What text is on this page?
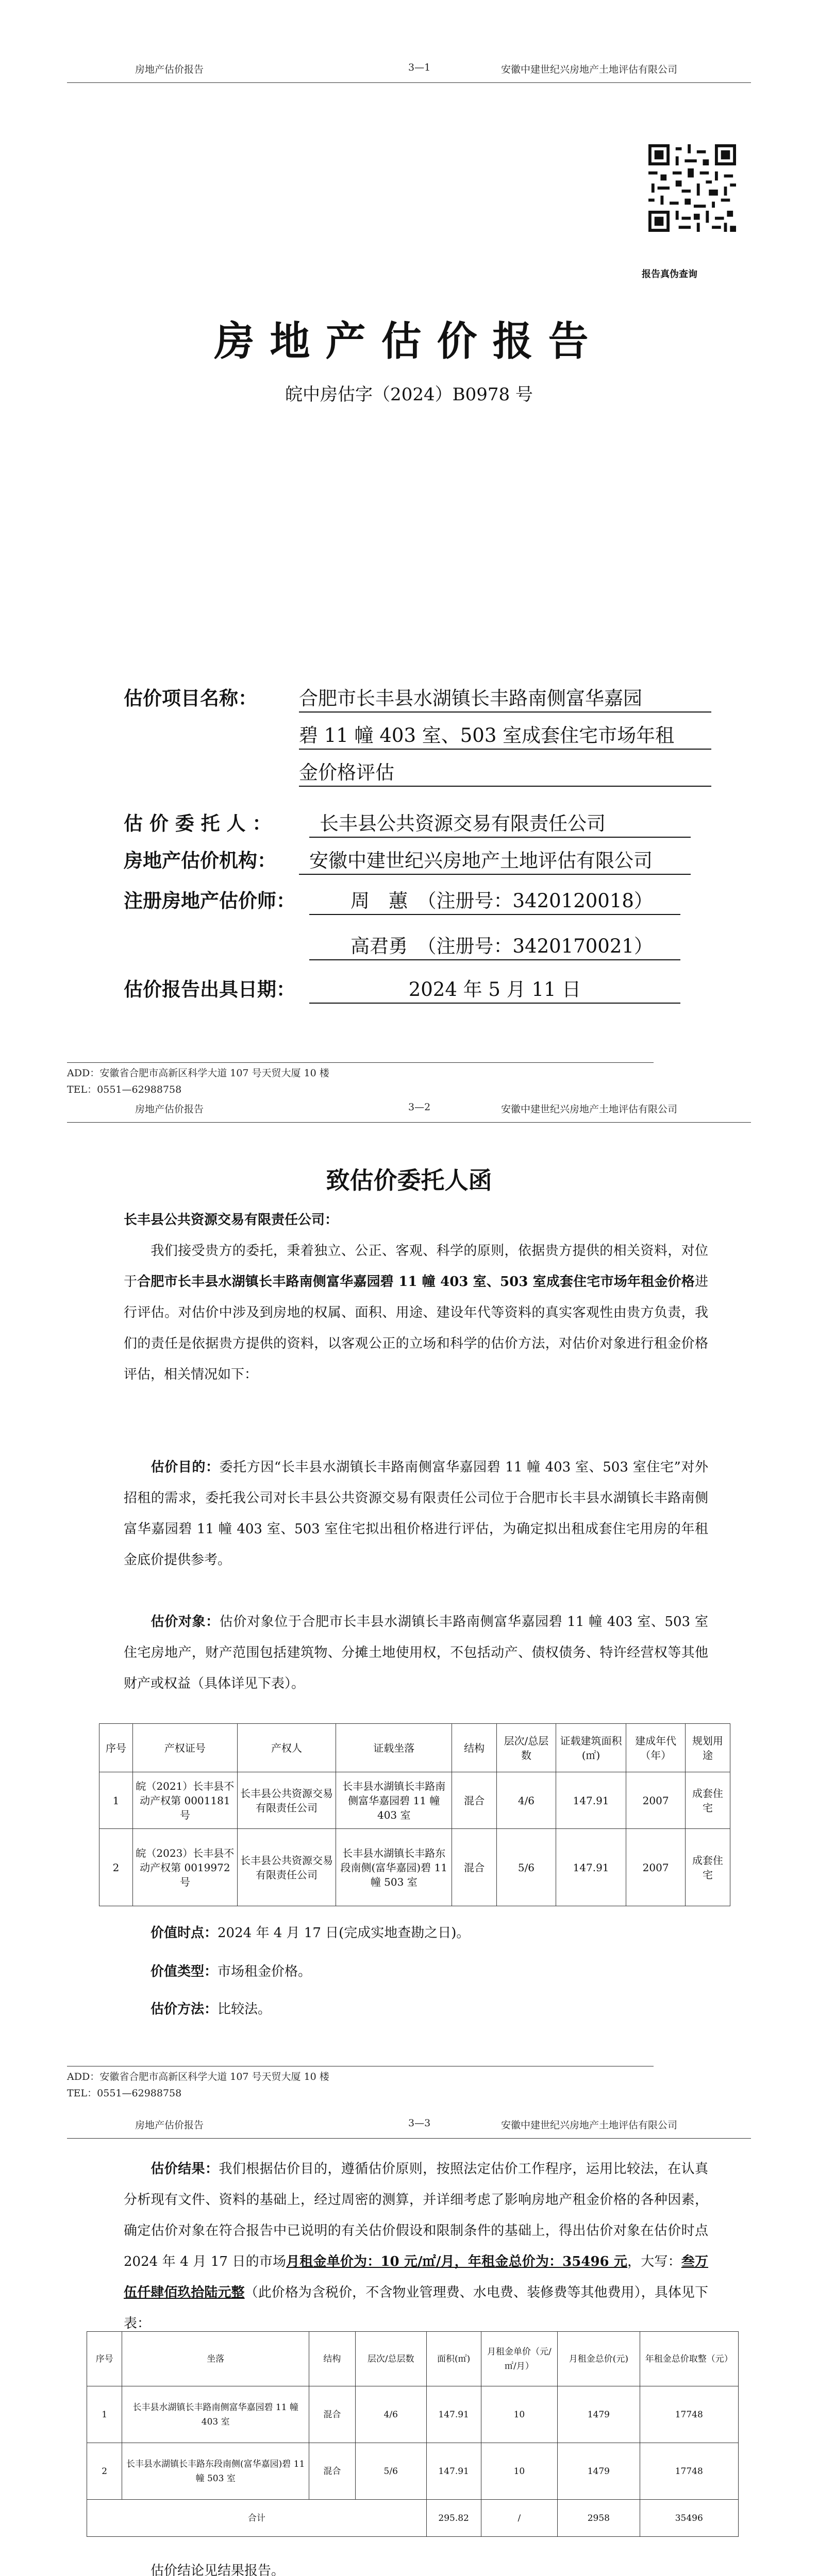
房地产估价报告	3—1	安徽中建世纪兴房地产土地评估有限公司
报告真伪查询
房地产估价报告
皖中房估字（2024）B0978 号
估价项目名称： 合肥市长丰县水湖镇长丰路南侧富华嘉园
碧 11 幢 403 室、503 室成套住宅市场年租
金价格评估
估 价 委 托 人 ：	长丰县公共资源交易有限责任公司
房地产估价机构：	安徽中建世纪兴房地产土地评估有限公司
注册房地产估价师：	周　蕙　（注册号：3420120018）
高君勇　（注册号：3420170021）
估价报告出具日期：	2024 年 5 月 11 日
ADD：安徽省合肥市高新区科学大道 107 号天贸大厦 10 楼
TEL：0551—62988758
房地产估价报告	3—2	安徽中建世纪兴房地产土地评估有限公司
致估价委托人函
长丰县公共资源交易有限责任公司：
我们接受贵方的委托，秉着独立、公正、客观、科学的原则，依据贵方提供的相关资料，对位于合肥市长丰县水湖镇长丰路南侧富华嘉园碧 11 幢 403 室、503 室成套住宅市场年租金价格进行评估。对估价中涉及到房地的权属、面积、用途、建设年代等资料的真实客观性由贵方负责，我们的责任是依据贵方提供的资料，以客观公正的立场和科学的估价方法，对估价对象进行租金价格评估，相关情况如下：
估价目的：委托方因“长丰县水湖镇长丰路南侧富华嘉园碧 11 幢 403 室、503 室住宅”对外招租的需求，委托我公司对长丰县公共资源交易有限责任公司位于合肥市长丰县水湖镇长丰路南侧富华嘉园碧 11 幢 403 室、503 室住宅拟出租价格进行评估，为确定拟出租成套住宅用房的年租金底价提供参考。
估价对象：估价对象位于合肥市长丰县水湖镇长丰路南侧富华嘉园碧 11 幢 403 室、503 室住宅房地产，财产范围包括建筑物、分摊土地使用权，不包括动产、债权债务、特许经营权等其他财产或权益（具体详见下表）。
序号	产权证号	产权人	证载坐落	结构	层次/总层数	证载建筑面积(㎡)	建成年代（年）	规划用途
1	皖（2021）长丰县不动产权第 0001181 号	长丰县公共资源交易有限责任公司	长丰县水湖镇长丰路南侧富华嘉园碧 11 幢 403 室	混合	4/6	147.91	2007	成套住宅
2	皖（2023）长丰县不动产权第 0019972 号	长丰县公共资源交易有限责任公司	长丰县水湖镇长丰路东段南侧(富华嘉园)碧 11 幢 503 室	混合	5/6	147.91	2007	成套住宅
价值时点：2024 年 4 月 17 日(完成实地查勘之日)。
价值类型：市场租金价格。
估价方法：比较法。
ADD：安徽省合肥市高新区科学大道 107 号天贸大厦 10 楼
TEL：0551—62988758
房地产估价报告	3—3	安徽中建世纪兴房地产土地评估有限公司
估价结果：我们根据估价目的，遵循估价原则，按照法定估价工作程序，运用比较法，在认真分析现有文件、资料的基础上，经过周密的测算，并详细考虑了影响房地产租金价格的各种因素，确定估价对象在符合报告中已说明的有关估价假设和限制条件的基础上，得出估价对象在估价时点 2024 年 4 月 17 日的市场月租金单价为：10 元/㎡/月，年租金总价为：35496 元，大写：叁万伍仟肆佰玖拾陆元整（此价格为含税价，不含物业管理费、水电费、装修费等其他费用），具体见下表：
序号	坐落	结构	层次/总层数	面积(㎡)	月租金单价（元/㎡/月）	月租金总价(元)	年租金总价取整（元）
1	长丰县水湖镇长丰路南侧富华嘉园碧 11 幢 403 室	混合	4/6	147.91	10	1479	17748
2	长丰县水湖镇长丰路东段南侧(富华嘉园)碧 11 幢 503 室	混合	5/6	147.91	10	1479	17748
合计				295.82	/	2958	35496
估价结论见结果报告。
